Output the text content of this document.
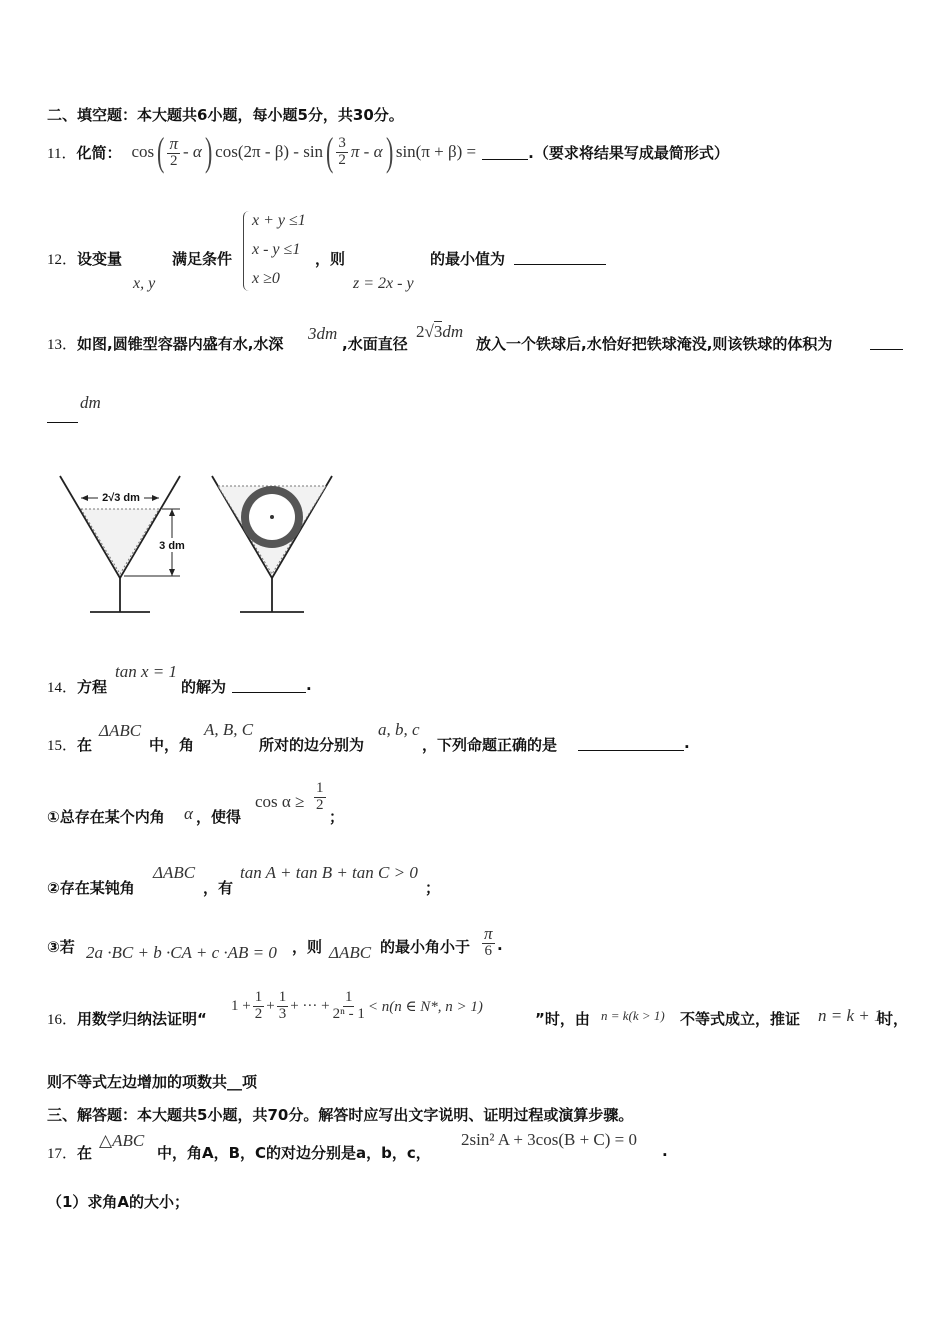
二、填空题：本大题共6小题，每小题5分，共30分。
11． 化简： cos ( $\frac{\pi}{2}$ - α ) cos(2π - β) - sin ( $\frac{3}{2}$ π - α ) sin(π + β) =	.（要求将结果写成最简形式）
12．设变量
x, y
满足条件
x + y ≤1
x - y ≤1
x ≥0
，则
z = 2x - y
的最小值为
13．如图,圆锥型容器内盛有水,水深
3dm
,水面直径
2√3dm
放入一个铁球后,水恰好把铁球淹没,则该铁球的体积为
dm
2√3 dm
3 dm
14．方程
tan x = 1
的解为	.
15．在
ΔABC
中，角
A, B, C
所对的边分别为
a, b, c
，下列命题正确的是	.
①总存在某个内角 α ，使得
$\cos \alpha \ge \frac{1}{2}$
；
②存在某钝角
ΔABC
，有
tan A + tan B + tan C > 0
；
③若 2a ·BC + b ·CA + c ·AB = 0 ，则 ΔABC 的最小角小于 $\frac{\pi}{6}$ .
16．用数学归纳法证明“
$1 + \frac{1}{2} + \frac{1}{3}$ + ··· + $\frac{1}{\text{2ⁿ - 1}} < n(n$ ∈ N*, n > 1)
”时，由 n = k(k > 1) 不等式成立，推证 n = k + 1
时，
则不等式左边增加的项数共__项
三、解答题：本大题共5小题，共70分。解答时应写出文字说明、证明过程或演算步骤。
17．在
△ABC
中，角A，B，C的对边分别是a，b，c，
2sin² A + 3cos(B + C) = 0
.
（1）求角A的大小；
